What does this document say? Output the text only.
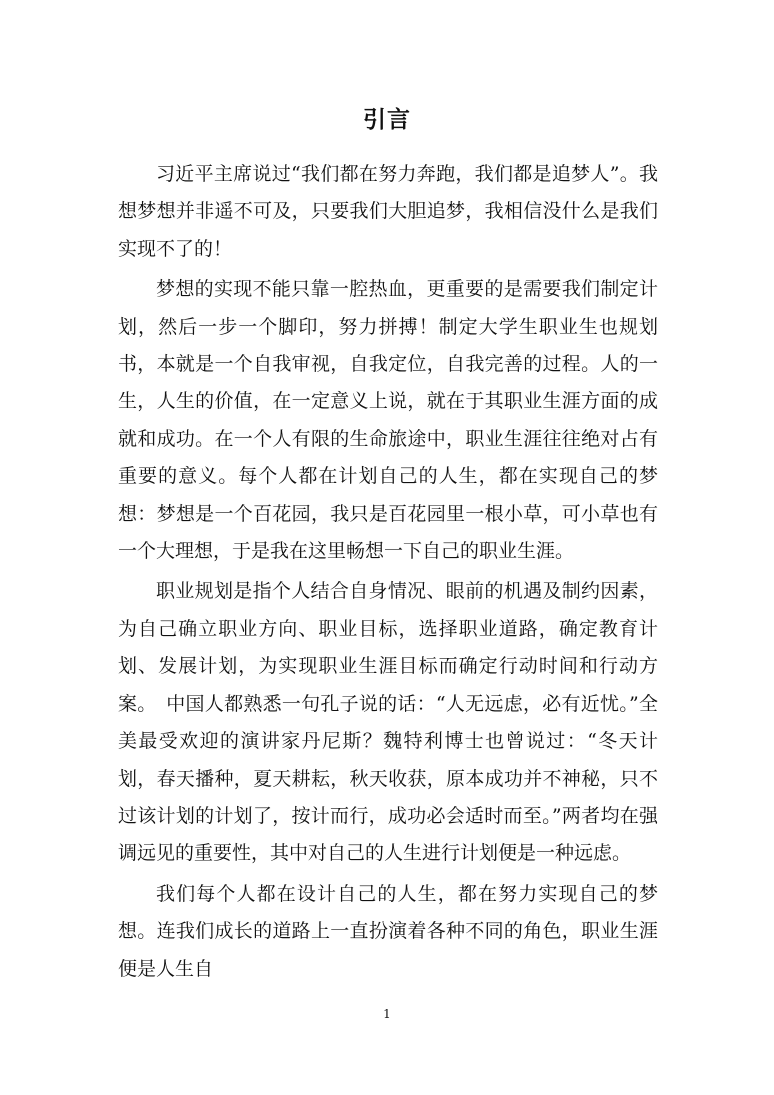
引言

习近平主席说过“我们都在努力奔跑，我们都是追梦人”。我想梦想并非遥不可及，只要我们大胆追梦，我相信没什么是我们实现不了的！

梦想的实现不能只靠一腔热血，更重要的是需要我们制定计划，然后一步一个脚印，努力拼搏！制定大学生职业生也规划书，本就是一个自我审视，自我定位，自我完善的过程。人的一生，人生的价值，在一定意义上说，就在于其职业生涯方面的成就和成功。在一个人有限的生命旅途中，职业生涯往往绝对占有重要的意义。每个人都在计划自己的人生，都在实现自己的梦想：梦想是一个百花园，我只是百花园里一根小草，可小草也有一个大理想，于是我在这里畅想一下自己的职业生涯。

职业规划是指个人结合自身情况、眼前的机遇及制约因素，为自己确立职业方向、职业目标，选择职业道路，确定教育计划、发展计划，为实现职业生涯目标而确定行动时间和行动方案。　中国人都熟悉一句孔子说的话：“人无远虑，必有近忧。”全美最受欢迎的演讲家丹尼斯？魏特利博士也曾说过：“冬天计划，春天播种，夏天耕耘，秋天收获，原本成功并不神秘，只不过该计划的计划了，按计而行，成功必会适时而至。”两者均在强调远见的重要性，其中对自己的人生进行计划便是一种远虑。

我们每个人都在设计自己的人生，都在努力实现自己的梦想。连我们成长的道路上一直扮演着各种不同的角色，职业生涯便是人生自

1
